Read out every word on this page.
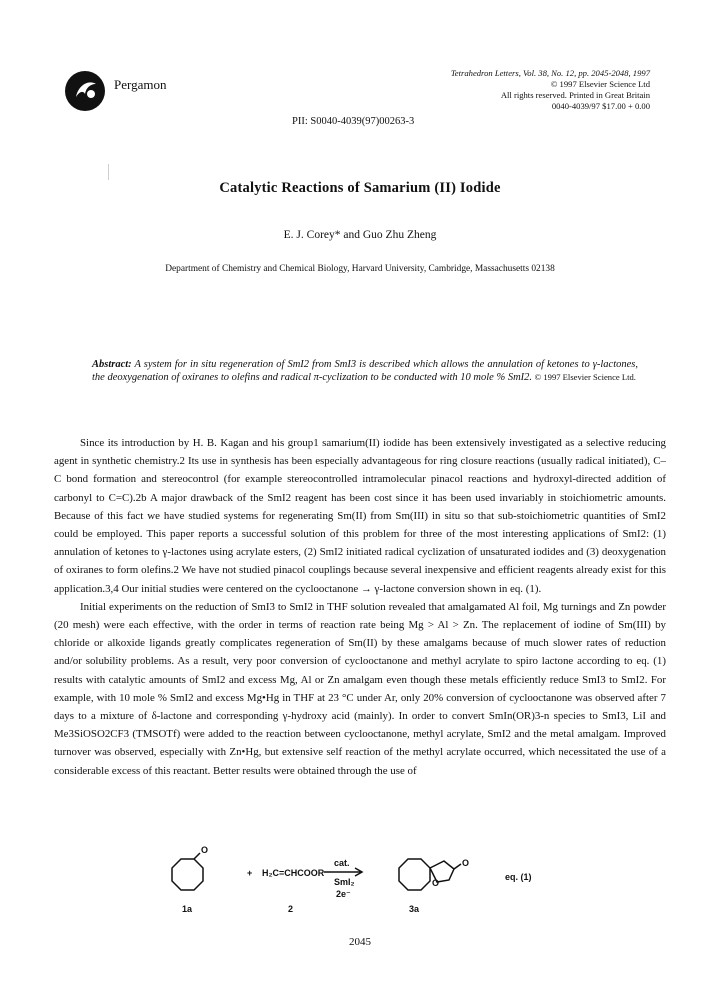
Pergamon
Tetrahedron Letters, Vol. 38, No. 12, pp. 2045-2048, 1997
© 1997 Elsevier Science Ltd
All rights reserved. Printed in Great Britain
0040-4039/97 $17.00 + 0.00
PII: S0040-4039(97)00263-3
Catalytic Reactions of Samarium (II) Iodide
E. J. Corey* and Guo Zhu Zheng
Department of Chemistry and Chemical Biology, Harvard University, Cambridge, Massachusetts 02138
Abstract: A system for in situ regeneration of SmI2 from SmI3 is described which allows the annulation of ketones to γ-lactones, the deoxygenation of oxiranes to olefins and radical π-cyclization to be conducted with 10 mole % SmI2. © 1997 Elsevier Science Ltd.

Since its introduction by H. B. Kagan and his group1 samarium(II) iodide has been extensively investigated as a selective reducing agent in synthetic chemistry.2 Its use in synthesis has been especially advantageous for ring closure reactions (usually radical initiated), C–C bond formation and stereocontrol (for example stereocontrolled intramolecular pinacol reactions and hydroxyl-directed addition of carbonyl to C=C).2b A major drawback of the SmI2 reagent has been cost since it has been used invariably in stoichiometric amounts. Because of this fact we have studied systems for regenerating Sm(II) from Sm(III) in situ so that sub-stoichiometric quantities of SmI2 could be employed. This paper reports a successful solution of this problem for three of the most interesting applications of SmI2: (1) annulation of ketones to γ-lactones using acrylate esters, (2) SmI2 initiated radical cyclization of unsaturated iodides and (3) deoxygenation of oxiranes to form olefins.2 We have not studied pinacol couplings because several inexpensive and efficient reagents already exist for this application.3,4 Our initial studies were centered on the cyclooctanone → γ-lactone conversion shown in eq. (1).

Initial experiments on the reduction of SmI3 to SmI2 in THF solution revealed that amalgamated Al foil, Mg turnings and Zn powder (20 mesh) were each effective, with the order in terms of reaction rate being Mg > Al > Zn. The replacement of iodine of Sm(III) by chloride or alkoxide ligands greatly complicates regeneration of Sm(II) by these amalgams because of much slower rates of reduction and/or solubility problems. As a result, very poor conversion of cyclooctanone and methyl acrylate to spiro lactone according to eq. (1) results with catalytic amounts of SmI2 and excess Mg, Al or Zn amalgam even though these metals efficiently reduce SmI3 to SmI2. For example, with 10 mole % SmI2 and excess Mg•Hg in THF at 23 °C under Ar, only 20% conversion of cyclooctanone was observed after 7 days to a mixture of δ-lactone and corresponding γ-hydroxy acid (mainly). In order to convert SmIn(OR)3-n species to SmI3, LiI and Me3SiOSO2CF3 (TMSOTf) were added to the reaction between cyclooctanone, methyl acrylate, SmI2 and the metal amalgam. Improved turnover was observed, especially with Zn•Hg, but extensive self reaction of the methyl acrylate occurred, which necessitated the use of a considerable excess of this reactant. Better results were obtained through the use of

O
+ H₂C=CHCOOR
cat.
SmI₂
2e⁻
O
O
eq. (1)
1a	2	3a
2045
